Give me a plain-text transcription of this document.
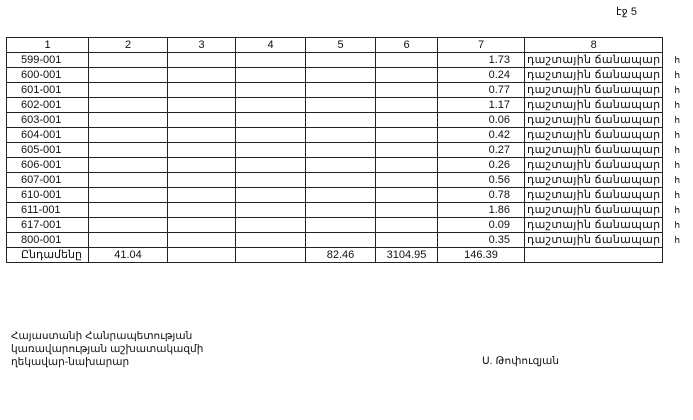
էջ 5
1	2	3	4	5	6	7	8
599-001						1.73	դաշտային ճանապար հ

600-001						0.24	դաշտային ճանապար հ

601-001						0.77	դաշտային ճանապար հ

602-001						1.17	դաշտային ճանապար հ

603-001						0.06	դաշտային ճանապար հ

604-001						0.42	դաշտային ճանապար հ

605-001						0.27	դաշտային ճանապար հ

606-001						0.26	դաշտային ճանապար հ

607-001						0.56	դաշտային ճանապար հ

610-001						0.78	դաշտային ճանապար հ

611-001						1.86	դաշտային ճանապար հ

617-001						0.09	դաշտային ճանապար հ

800-001						0.35	դաշտային ճանապար հ

Ընդամենը	41.04			82.46	3104.95	146.39	
Հայաստանի Հանրապետության
կառավարության աշխատակազմի
ղեկավար-նախարար	Ս. Թոփուզյան
